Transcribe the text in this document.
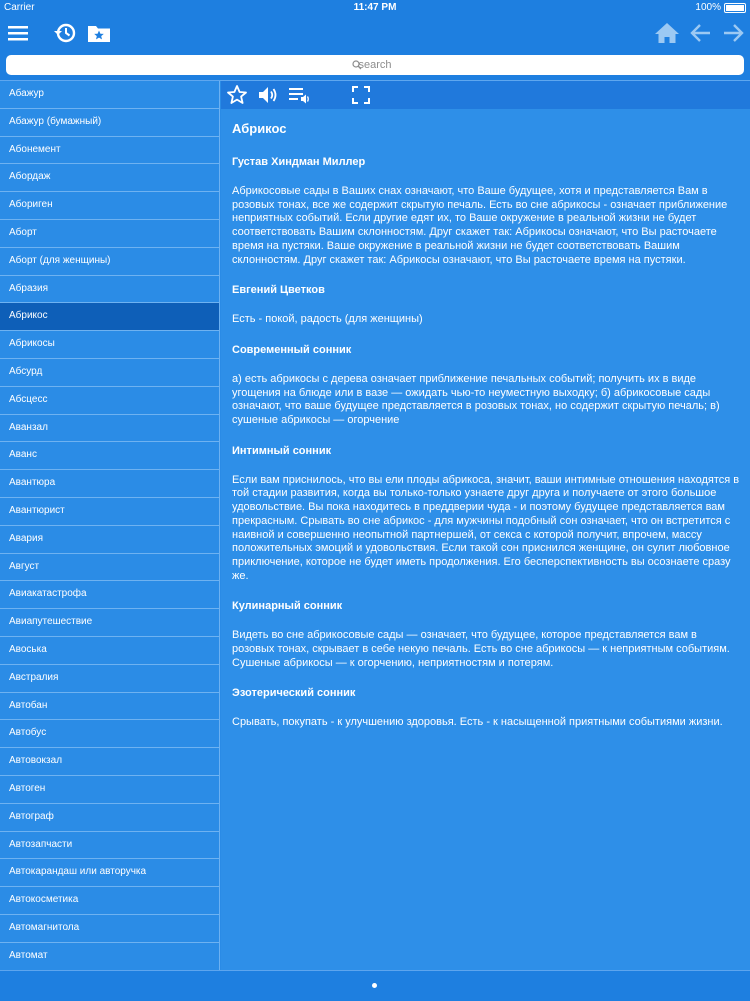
Carrier	11:47 PM	100%
search
Абажур
Абажур (бумажный)
Абонемент
Абордаж
Абориген
Аборт
Аборт (для женщины)
Абразия
Абрикос
Абрикосы
Абсурд
Абсцесс
Аванзал
Аванс
Авантюра
Авантюрист
Авария
Август
Авиакатастрофа
Авиапутешествие
Авоська
Австралия
Автобан
Автобус
Автовокзал
Автоген
Автограф
Автозапчасти
Автокарандаш или авторучка
Автокосметика
Автомагнитола
Автомат
Абрикос
Густав Хиндман Миллер

Абрикосовые сады в Ваших снах означают, что Ваше будущее, хотя и представляется Вам в розовых тонах, все же содержит скрытую печаль. Есть во сне абрикосы - означает приближение неприятных событий. Если другие едят их, то Ваше окружение в реальной жизни не будет соответствовать Вашим склонностям. Друг скажет так: Абрикосы означают, что Вы расточаете время на пустяки. Ваше окружение в реальной жизни не будет соответствовать Вашим склонностям. Друг скажет так: Абрикосы означают, что Вы расточаете время на пустяки.

Евгений Цветков

Есть - покой, радость (для женщины)

Современный сонник

а) есть абрикосы с дерева означает приближение печальных событий; получить их в виде угощения на блюде или в вазе — ожидать чью-то неуместную выходку; б) абрикосовые сады означают, что ваше будущее представляется в розовых тонах, но содержит скрытую печаль; в) сушеные абрикосы — огорчение

Интимный сонник

Если вам приснилось, что вы ели плоды абрикоса, значит, ваши интимные отношения находятся в той стадии развития, когда вы только-только узнаете друг друга и получаете от этого большое удовольствие. Вы пока находитесь в преддверии чуда - и поэтому будущее представляется вам прекрасным. Срывать во сне абрикос - для мужчины подобный сон означает, что он встретится с наивной и совершенно неопытной партнершей, от секса с которой получит, впрочем, массу положительных эмоций и удовольствия. Если такой сон приснился женщине, он сулит любовное приключение, которое не будет иметь продолжения. Его бесперспективность вы осознаете сразу же.

Кулинарный сонник

Видеть во сне абрикосовые сады — означает, что будущее, которое представляется вам в розовых тонах, скрывает в себе некую печаль. Есть во сне абрикосы — к неприятным событиям. Сушеные абрикосы — к огорчению, неприятностям и потерям.

Эзотерический сонник

Срывать, покупать - к улучшению здоровья. Есть - к насыщенной приятными событиями жизни.
